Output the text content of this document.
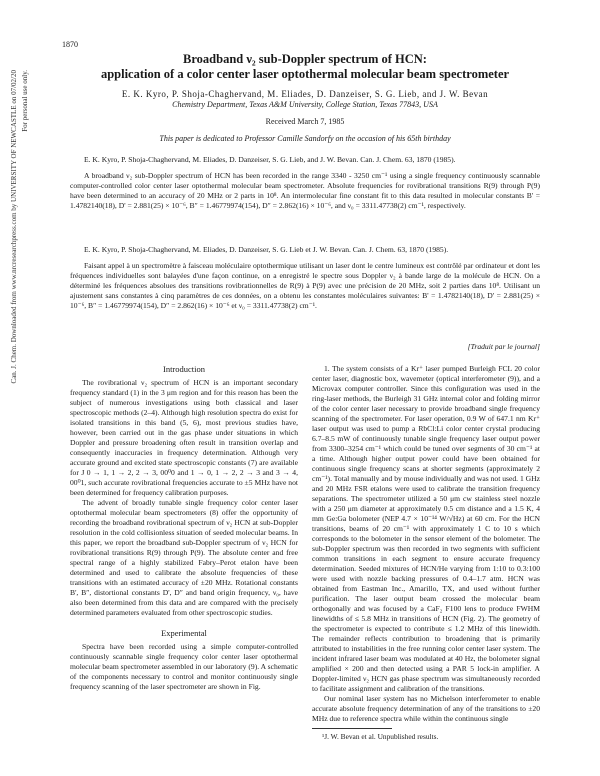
1870
Can. J. Chem. Downloaded from www.nrcresearchpress.com by UNIVERSITY OF NEWCASTLE on 07/02/20 For personal use only.
Broadband ν₂ sub-Doppler spectrum of HCN:
application of a color center laser optothermal molecular beam spectrometer
E. K. Kyro, P. Shoja-Chaghervand, M. Eliades, D. Danzeiser, S. G. Lieb, and J. W. Bevan
Chemistry Department, Texas A&M University, College Station, Texas 77843, USA
Received March 7, 1985
This paper is dedicated to Professor Camille Sandorfy on the occasion of his 65th birthday

E. K. Kyro, P. Shoja-Chaghervand, M. Eliades, D. Danzeiser, S. G. Lieb, and J. W. Bevan. Can. J. Chem. 63, 1870 (1985).

A broadband ν₂ sub-Doppler spectrum of HCN has been recorded in the range 3340 - 3250 cm⁻¹ using a single frequency continuously scannable computer-controlled color center laser optothermal molecular beam spectrometer. Absolute frequencies for rovibrational transitions R(9) through P(9) have been determined to an accuracy of 20 MHz or 2 parts in 10⁸. An intermolecular fine constant fit to this data resulted in molecular constants B' = 1.4782140(18), D' = 2.881(25) × 10⁻⁶, B″ = 1.46779974(154), D″ = 2.862(16) × 10⁻⁶, and ν₀ = 3311.47738(2) cm⁻¹, respectively.

E. K. Kyro, P. Shoja-Chaghervand, M. Eliades, D. Danzeiser, S. G. Lieb et J. W. Bevan. Can. J. Chem. 63, 1870 (1985).

Faisant appel à un spectromètre à faisceau moléculaire optothermique utilisant un laser dont le centre lumineux est contrôlé par ordinateur et dont les fréquences individuelles sont balayées d'une façon continue, on a enregistré le spectre sous Doppler ν₂ à bande large de la molécule de HCN. On a déterminé les fréquences absolues des transitions rovibrationnelles de R(9) à P(9) avec une précision de 20 MHz, soit 2 parties dans 10⁸. Utilisant un ajustement sans constantes à cinq paramètres de ces données, on a obtenu les constantes moléculaires suivantes: B' = 1.4782140(18), D' = 2.881(25) × 10⁻⁶, B″ = 1.46779974(154), D″ = 2.862(16) × 10⁻⁶ et ν₀ = 3311.47738(2) cm⁻¹.

[Traduit par le journal]
Introduction

The rovibrational ν₂ spectrum of HCN is an important secondary frequency standard (1) in the 3 μm region and for this reason has been the subject of numerous investigations using both classical and laser spectroscopic methods (2–4). Although high resolution spectra do exist for isolated transitions in this band (5, 6), most previous studies have, however, been carried out in the gas phase under situations in which Doppler and pressure broadening often result in transition overlap and consequently inaccuracies in frequency determination. Although very accurate ground and excited state spectroscopic constants (7) are available for J 0 → 1, 1 → 2, 2 → 3, 00⁰0 and 1 → 0, 1 → 2, 2 → 3 and 3 → 4, 00⁰1, such accurate rovibrational frequencies accurate to ±5 MHz have not been determined for frequency calibration purposes.

The advent of broadly tunable single frequency color center laser optothermal molecular beam spectrometers (8) offer the opportunity of recording the broadband rovibrational spectrum of ν₂ HCN at sub-Doppler resolution in the cold collisionless situation of seeded molecular beams. In this paper, we report the broadband sub-Doppler spectrum of ν₂ HCN for rovibrational transitions R(9) through P(9). The absolute center and free spectral range of a highly stabilized Fabry–Perot etalon have been determined and used to calibrate the absolute frequencies of these transitions with an estimated accuracy of ±20 MHz. Rotational constants B', B″, distortional constants D', D″ and band origin frequency, ν₀, have also been determined from this data and are compared with the precisely determined parameters evaluated from other spectroscopic studies.

Experimental

Spectra have been recorded using a simple computer-controlled continuously scannable single frequency color center laser optothermal molecular beam spectrometer assembled in our laboratory (9). A schematic of the components necessary to control and monitor continuously single frequency scanning of the laser spectrometer are shown in Fig.

1. The system consists of a Kr⁺ laser pumped Burleigh FCL 20 color center laser, diagnostic box, wavemeter (optical interferometer (9)), and a Microvax computer controller. Since this configuration was used in the ring-laser methods, the Burleigh 31 GHz internal color and folding mirror of the color center laser necessary to provide broadband single frequency scanning of the spectrometer. For laser operation, 0.9 W of 647.1 nm Kr⁺ laser output was used to pump a RbCl:Li color center crystal producing 6.7–8.5 mW of continuously tunable single frequency laser output power from 3300–3254 cm⁻¹ which could be tuned over segments of 30 cm⁻¹ at a time. Although higher output power could have been obtained for continuous single frequency scans at shorter segments (approximately 2 cm⁻¹). Total manually and by mouse individually and was not used. 1 GHz and 20 MHz FSR etalons were used to calibrate the transition frequency separations. The spectrometer utilized a 50 μm cw stainless steel nozzle with a 250 μm diameter at approximately 0.5 cm distance and a 1.5 K, 4 mm Ge:Ga bolometer (NEP 4.7 × 10⁻¹⁴ W/√Hz) at 60 cm. For the HCN transitions, beams of 20 cm⁻¹ with approximately 1 C to 10 s which corresponds to the bolometer in the sensor element of the bolometer. The sub-Doppler spectrum was then recorded in two segments with sufficient common transitions in each segment to ensure accurate frequency determination. Seeded mixtures of HCN/He varying from 1:10 to 0.3:100 were used with nozzle backing pressures of 0.4–1.7 atm. HCN was obtained from Eastman Inc., Amarillo, TX, and used without further purification. The laser output beam crossed the molecular beam orthogonally and was focused by a CaF₂ F100 lens to produce FWHM linewidths of ≤ 5.8 MHz in transitions of HCN (Fig. 2). The geometry of the spectrometer is expected to contribute ≤ 1.2 MHz of this linewidth. The remainder reflects contribution to broadening that is primarily attributed to instabilities in the free running color center laser system. The incident infrared laser beam was modulated at 40 Hz, the bolometer signal amplified × 200 and then detected using a PAR 5 lock-in amplifier. A Doppler-limited ν₂ HCN gas phase spectrum was simultaneously recorded to facilitate assignment and calibration of the transitions.

Our nominal laser system has no Michelson interferometer to enable accurate absolute frequency determination of any of the transitions to ±20 MHz due to reference spectra while within the continuous single

¹J. W. Bevan et al. Unpublished results.
